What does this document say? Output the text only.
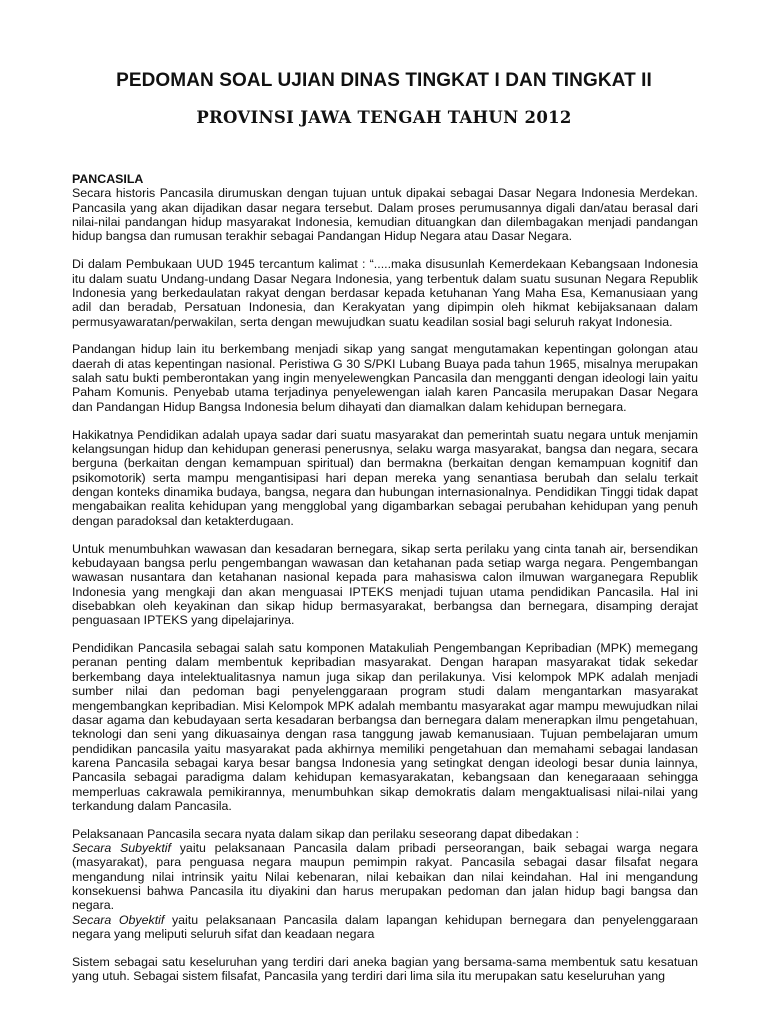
PEDOMAN SOAL UJIAN DINAS TINGKAT I DAN TINGKAT II
PROVINSI JAWA TENGAH TAHUN 2012

PANCASILA

Secara historis Pancasila dirumuskan dengan tujuan untuk dipakai sebagai Dasar Negara Indonesia Merdekan. Pancasila yang akan dijadikan dasar negara tersebut. Dalam proses perumusannya digali dan/atau berasal dari nilai-nilai pandangan hidup masyarakat Indonesia, kemudian dituangkan dan dilembagakan menjadi pandangan hidup bangsa dan rumusan terakhir sebagai Pandangan Hidup Negara atau Dasar Negara.

Di dalam Pembukaan UUD 1945 tercantum kalimat : “.....maka disusunlah Kemerdekaan Kebangsaan Indonesia itu dalam suatu Undang-undang Dasar Negara Indonesia, yang terbentuk dalam suatu susunan Negara Republik Indonesia yang berkedaulatan rakyat dengan berdasar kepada ketuhanan Yang Maha Esa, Kemanusiaan yang adil dan beradab, Persatuan Indonesia, dan Kerakyatan yang dipimpin oleh hikmat kebijaksanaan dalam permusyawaratan/perwakilan, serta dengan mewujudkan suatu keadilan sosial bagi seluruh rakyat Indonesia.

Pandangan hidup lain itu berkembang menjadi sikap yang sangat mengutamakan kepentingan golongan atau daerah di atas kepentingan nasional. Peristiwa G 30 S/PKI Lubang Buaya pada tahun 1965, misalnya merupakan salah satu bukti pemberontakan yang ingin menyelewengkan Pancasila dan mengganti dengan ideologi lain yaitu Paham Komunis. Penyebab utama terjadinya penyelewengan ialah karen Pancasila merupakan Dasar Negara dan Pandangan Hidup Bangsa Indonesia belum dihayati dan diamalkan dalam kehidupan bernegara.

Hakikatnya Pendidikan adalah upaya sadar dari suatu masyarakat dan pemerintah suatu negara untuk menjamin kelangsungan hidup dan kehidupan generasi penerusnya, selaku warga masyarakat, bangsa dan negara, secara berguna (berkaitan dengan kemampuan spiritual) dan bermakna (berkaitan dengan kemampuan kognitif dan psikomotorik) serta mampu mengantisipasi hari depan mereka yang senantiasa berubah dan selalu terkait dengan konteks dinamika budaya, bangsa, negara dan hubungan internasionalnya. Pendidikan Tinggi tidak dapat mengabaikan realita kehidupan yang mengglobal yang digambarkan sebagai perubahan kehidupan yang penuh dengan paradoksal dan ketakterdugaan.

Untuk menumbuhkan wawasan dan kesadaran bernegara, sikap serta perilaku yang cinta tanah air, bersendikan kebudayaan bangsa perlu pengembangan wawasan dan ketahanan pada setiap warga negara. Pengembangan wawasan nusantara dan ketahanan nasional kepada para mahasiswa calon ilmuwan warganegara Republik Indonesia yang mengkaji dan akan menguasai IPTEKS menjadi tujuan utama pendidikan Pancasila. Hal ini disebabkan oleh keyakinan dan sikap hidup bermasyarakat, berbangsa dan bernegara, disamping derajat penguasaan IPTEKS yang dipelajarinya.

Pendidikan Pancasila sebagai salah satu komponen Matakuliah Pengembangan Kepribadian (MPK) memegang peranan penting dalam membentuk kepribadian masyarakat. Dengan harapan masyarakat tidak sekedar berkembang daya intelektualitasnya namun juga sikap dan perilakunya. Visi kelompok MPK adalah menjadi sumber nilai dan pedoman bagi penyelenggaraan program studi dalam mengantarkan masyarakat mengembangkan kepribadian. Misi Kelompok MPK adalah membantu masyarakat agar mampu mewujudkan nilai dasar agama dan kebudayaan serta kesadaran berbangsa dan bernegara dalam menerapkan ilmu pengetahuan, teknologi dan seni yang dikuasainya dengan rasa tanggung jawab kemanusiaan. Tujuan pembelajaran umum pendidikan pancasila yaitu masyarakat pada akhirnya memiliki pengetahuan dan memahami sebagai landasan karena Pancasila sebagai karya besar bangsa Indonesia yang setingkat dengan ideologi besar dunia lainnya, Pancasila sebagai paradigma dalam kehidupan kemasyarakatan, kebangsaan dan kenegaraaan sehingga memperluas cakrawala pemikirannya, menumbuhkan sikap demokratis dalam mengaktualisasi nilai-nilai yang terkandung dalam Pancasila.

Pelaksanaan Pancasila secara nyata dalam sikap dan perilaku seseorang dapat dibedakan :

Secara Subyektif yaitu pelaksanaan Pancasila dalam pribadi perseorangan, baik sebagai warga negara (masyarakat), para penguasa negara maupun pemimpin rakyat. Pancasila sebagai dasar filsafat negara mengandung nilai intrinsik yaitu Nilai kebenaran, nilai kebaikan dan nilai keindahan. Hal ini mengandung konsekuensi bahwa Pancasila itu diyakini dan harus merupakan pedoman dan jalan hidup bagi bangsa dan negara.

Secara Obyektif yaitu pelaksanaan Pancasila dalam lapangan kehidupan bernegara dan penyelenggaraan negara yang meliputi seluruh sifat dan keadaan negara

Sistem sebagai satu keseluruhan yang terdiri dari aneka bagian yang bersama-sama membentuk satu kesatuan yang utuh. Sebagai sistem filsafat, Pancasila yang terdiri dari lima sila itu merupakan satu keseluruhan yang
